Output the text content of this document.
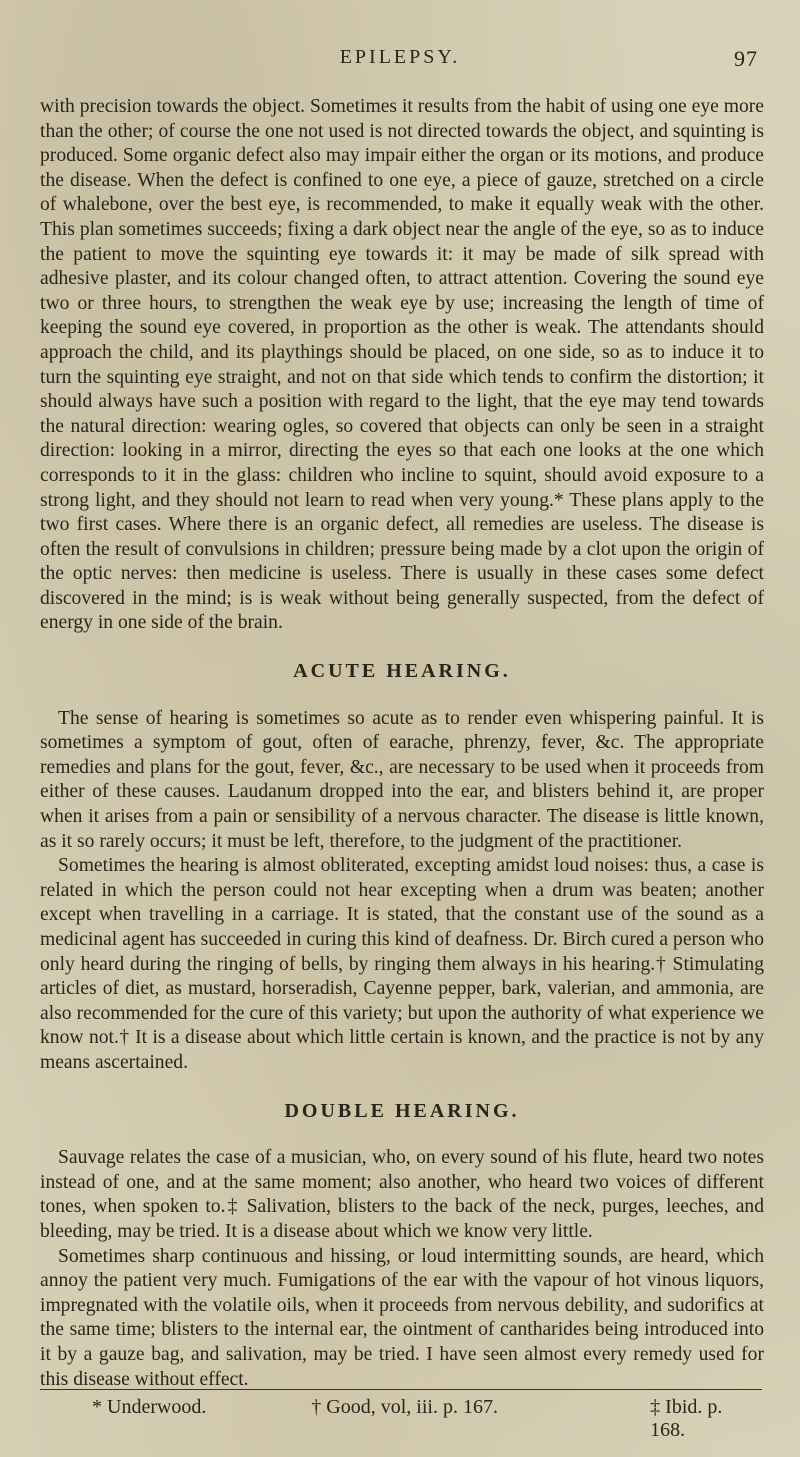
EPILEPSY.	97

with precision towards the object. Sometimes it results from the habit of using one eye more than the other; of course the one not used is not directed towards the object, and squinting is produced. Some organic defect also may impair either the organ or its motions, and produce the disease. When the defect is confined to one eye, a piece of gauze, stretched on a circle of whalebone, over the best eye, is recommended, to make it equally weak with the other. This plan sometimes succeeds; fixing a dark object near the angle of the eye, so as to induce the patient to move the squinting eye towards it: it may be made of silk spread with adhesive plaster, and its colour changed often, to attract attention. Covering the sound eye two or three hours, to strengthen the weak eye by use; increasing the length of time of keeping the sound eye covered, in proportion as the other is weak. The attendants should approach the child, and its playthings should be placed, on one side, so as to induce it to turn the squinting eye straight, and not on that side which tends to confirm the distortion; it should always have such a position with regard to the light, that the eye may tend towards the natural direction: wearing ogles, so covered that objects can only be seen in a straight direction: looking in a mirror, directing the eyes so that each one looks at the one which corresponds to it in the glass: children who incline to squint, should avoid exposure to a strong light, and they should not learn to read when very young.* These plans apply to the two first cases. Where there is an organic defect, all remedies are useless. The disease is often the result of convulsions in children; pressure being made by a clot upon the origin of the optic nerves: then medicine is useless. There is usually in these cases some defect discovered in the mind; is is weak without being generally suspected, from the defect of energy in one side of the brain.

ACUTE HEARING.

The sense of hearing is sometimes so acute as to render even whispering painful. It is sometimes a symptom of gout, often of earache, phrenzy, fever, &c. The appropriate remedies and plans for the gout, fever, &c., are necessary to be used when it proceeds from either of these causes. Laudanum dropped into the ear, and blisters behind it, are proper when it arises from a pain or sensibility of a nervous character. The disease is little known, as it so rarely occurs; it must be left, therefore, to the judgment of the practitioner.

Sometimes the hearing is almost obliterated, excepting amidst loud noises: thus, a case is related in which the person could not hear excepting when a drum was beaten; another except when travelling in a carriage. It is stated, that the constant use of the sound as a medicinal agent has succeeded in curing this kind of deafness. Dr. Birch cured a person who only heard during the ringing of bells, by ringing them always in his hearing.† Stimulating articles of diet, as mustard, horseradish, Cayenne pepper, bark, valerian, and ammonia, are also recommended for the cure of this variety; but upon the authority of what experience we know not.† It is a disease about which little certain is known, and the practice is not by any means ascertained.

DOUBLE HEARING.

Sauvage relates the case of a musician, who, on every sound of his flute, heard two notes instead of one, and at the same moment; also another, who heard two voices of different tones, when spoken to.‡ Salivation, blisters to the back of the neck, purges, leeches, and bleeding, may be tried. It is a disease about which we know very little.

Sometimes sharp continuous and hissing, or loud intermitting sounds, are heard, which annoy the patient very much. Fumigations of the ear with the vapour of hot vinous liquors, impregnated with the volatile oils, when it proceeds from nervous debility, and sudorifics at the same time; blisters to the internal ear, the ointment of cantharides being introduced into it by a gauze bag, and salivation, may be tried. I have seen almost every remedy used for this disease without effect.

* Underwood.	† Good, vol, iii. p. 167.	‡ Ibid. p. 168.
